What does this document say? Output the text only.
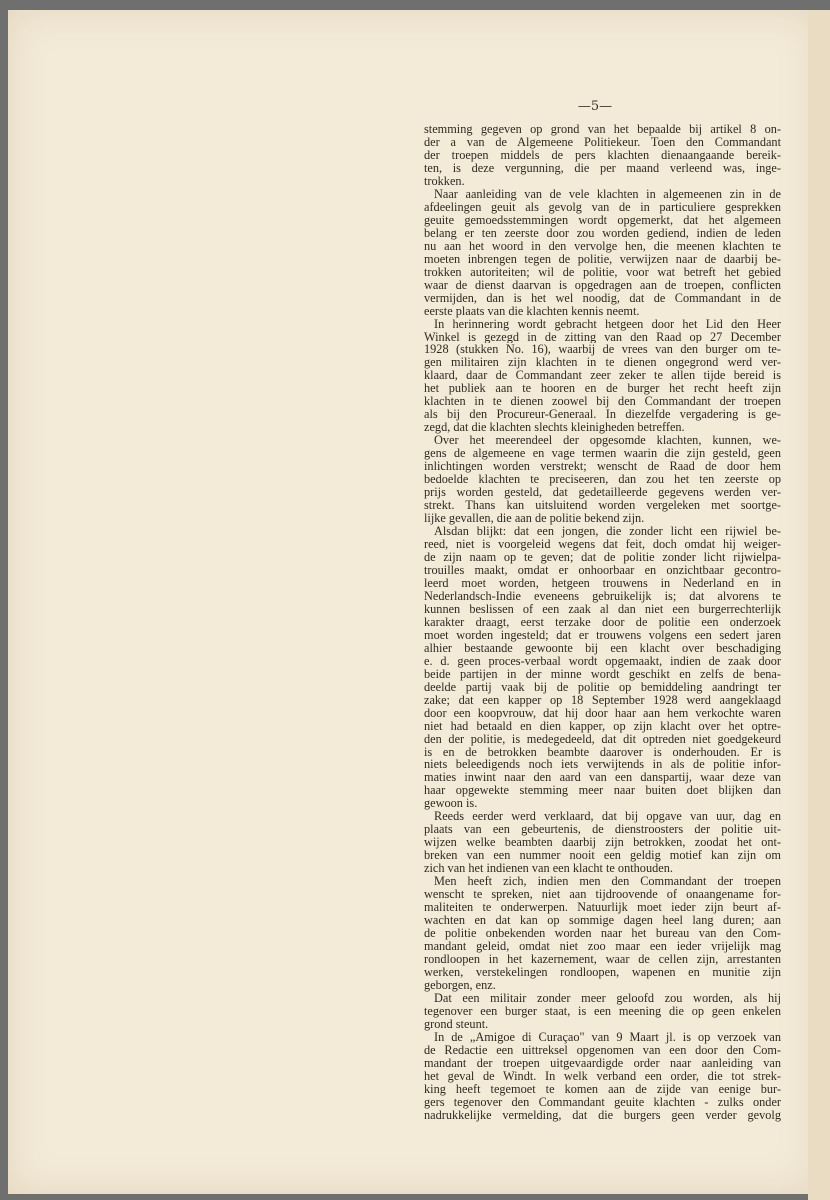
—5—
stemming gegeven op grond van het bepaalde bij artikel 8 on-
der a van de Algemeene Politiekeur. Toen den Commandant
der troepen middels de pers klachten dienaangaande bereik-
ten, is deze vergunning, die per maand verleend was, inge-
trokken.
Naar aanleiding van de vele klachten in algemeenen zin in de
afdeelingen geuit als gevolg van de in particuliere gesprekken
geuite gemoedsstemmingen wordt opgemerkt, dat het algemeen
belang er ten zeerste door zou worden gediend, indien de leden
nu aan het woord in den vervolge hen, die meenen klachten te
moeten inbrengen tegen de politie, verwijzen naar de daarbij be-
trokken autoriteiten; wil de politie, voor wat betreft het gebied
waar de dienst daarvan is opgedragen aan de troepen, conflicten
vermijden, dan is het wel noodig, dat de Commandant in de
eerste plaats van die klachten kennis neemt.
In herinnering wordt gebracht hetgeen door het Lid den Heer
Winkel is gezegd in de zitting van den Raad op 27 December
1928 (stukken No. 16), waarbij de vrees van den burger om te-
gen militairen zijn klachten in te dienen ongegrond werd ver-
klaard, daar de Commandant zeer zeker te allen tijde bereid is
het publiek aan te hooren en de burger het recht heeft zijn
klachten in te dienen zoowel bij den Commandant der troepen
als bij den Procureur-Generaal. In diezelfde vergadering is ge-
zegd, dat die klachten slechts kleinigheden betreffen.
Over het meerendeel der opgesomde klachten, kunnen, we-
gens de algemeene en vage termen waarin die zijn gesteld, geen
inlichtingen worden verstrekt; wenscht de Raad de door hem
bedoelde klachten te preciseeren, dan zou het ten zeerste op
prijs worden gesteld, dat gedetailleerde gegevens werden ver-
strekt. Thans kan uitsluitend worden vergeleken met soortge-
lijke gevallen, die aan de politie bekend zijn.
Alsdan blijkt: dat een jongen, die zonder licht een rijwiel be-
reed, niet is voorgeleid wegens dat feit, doch omdat hij weiger-
de zijn naam op te geven; dat de politie zonder licht rijwielpa-
trouilles maakt, omdat er onhoorbaar en onzichtbaar gecontro-
leerd moet worden, hetgeen trouwens in Nederland en in
Nederlandsch-Indie eveneens gebruikelijk is; dat alvorens te
kunnen beslissen of een zaak al dan niet een burgerrechterlijk
karakter draagt, eerst terzake door de politie een onderzoek
moet worden ingesteld; dat er trouwens volgens een sedert jaren
alhier bestaande gewoonte bij een klacht over beschadiging
e. d. geen proces-verbaal wordt opgemaakt, indien de zaak door
beide partijen in der minne wordt geschikt en zelfs de bena-
deelde partij vaak bij de politie op bemiddeling aandringt ter
zake; dat een kapper op 18 September 1928 werd aangeklaagd
door een koopvrouw, dat hij door haar aan hem verkochte waren
niet had betaald en dien kapper, op zijn klacht over het optre-
den der politie, is medegedeeld, dat dit optreden niet goedgekeurd
is en de betrokken beambte daarover is onderhouden. Er is
niets beleedigends noch iets verwijtends in als de politie infor-
maties inwint naar den aard van een danspartij, waar deze van
haar opgewekte stemming meer naar buiten doet blijken dan
gewoon is.
Reeds eerder werd verklaard, dat bij opgave van uur, dag en
plaats van een gebeurtenis, de dienstroosters der politie uit-
wijzen welke beambten daarbij zijn betrokken, zoodat het ont-
breken van een nummer nooit een geldig motief kan zijn om
zich van het indienen van een klacht te onthouden.
Men heeft zich, indien men den Commandant der troepen
wenscht te spreken, niet aan tijdroovende of onaangename for-
maliteiten te onderwerpen. Natuurlijk moet ieder zijn beurt af-
wachten en dat kan op sommige dagen heel lang duren; aan
de politie onbekenden worden naar het bureau van den Com-
mandant geleid, omdat niet zoo maar een ieder vrijelijk mag
rondloopen in het kazernement, waar de cellen zijn, arrestanten
werken, verstekelingen rondloopen, wapenen en munitie zijn
geborgen, enz.
Dat een militair zonder meer geloofd zou worden, als hij
tegenover een burger staat, is een meening die op geen enkelen
grond steunt.
In de „Amigoe di Curaçao" van 9 Maart jl. is op verzoek van
de Redactie een uittreksel opgenomen van een door den Com-
mandant der troepen uitgevaardigde order naar aanleiding van
het geval de Windt. In welk verband een order, die tot strek-
king heeft tegemoet te komen aan de zijde van eenige bur-
gers tegenover den Commandant geuite klachten - zulks onder
nadrukkelijke vermelding, dat die burgers geen verder gevolg
